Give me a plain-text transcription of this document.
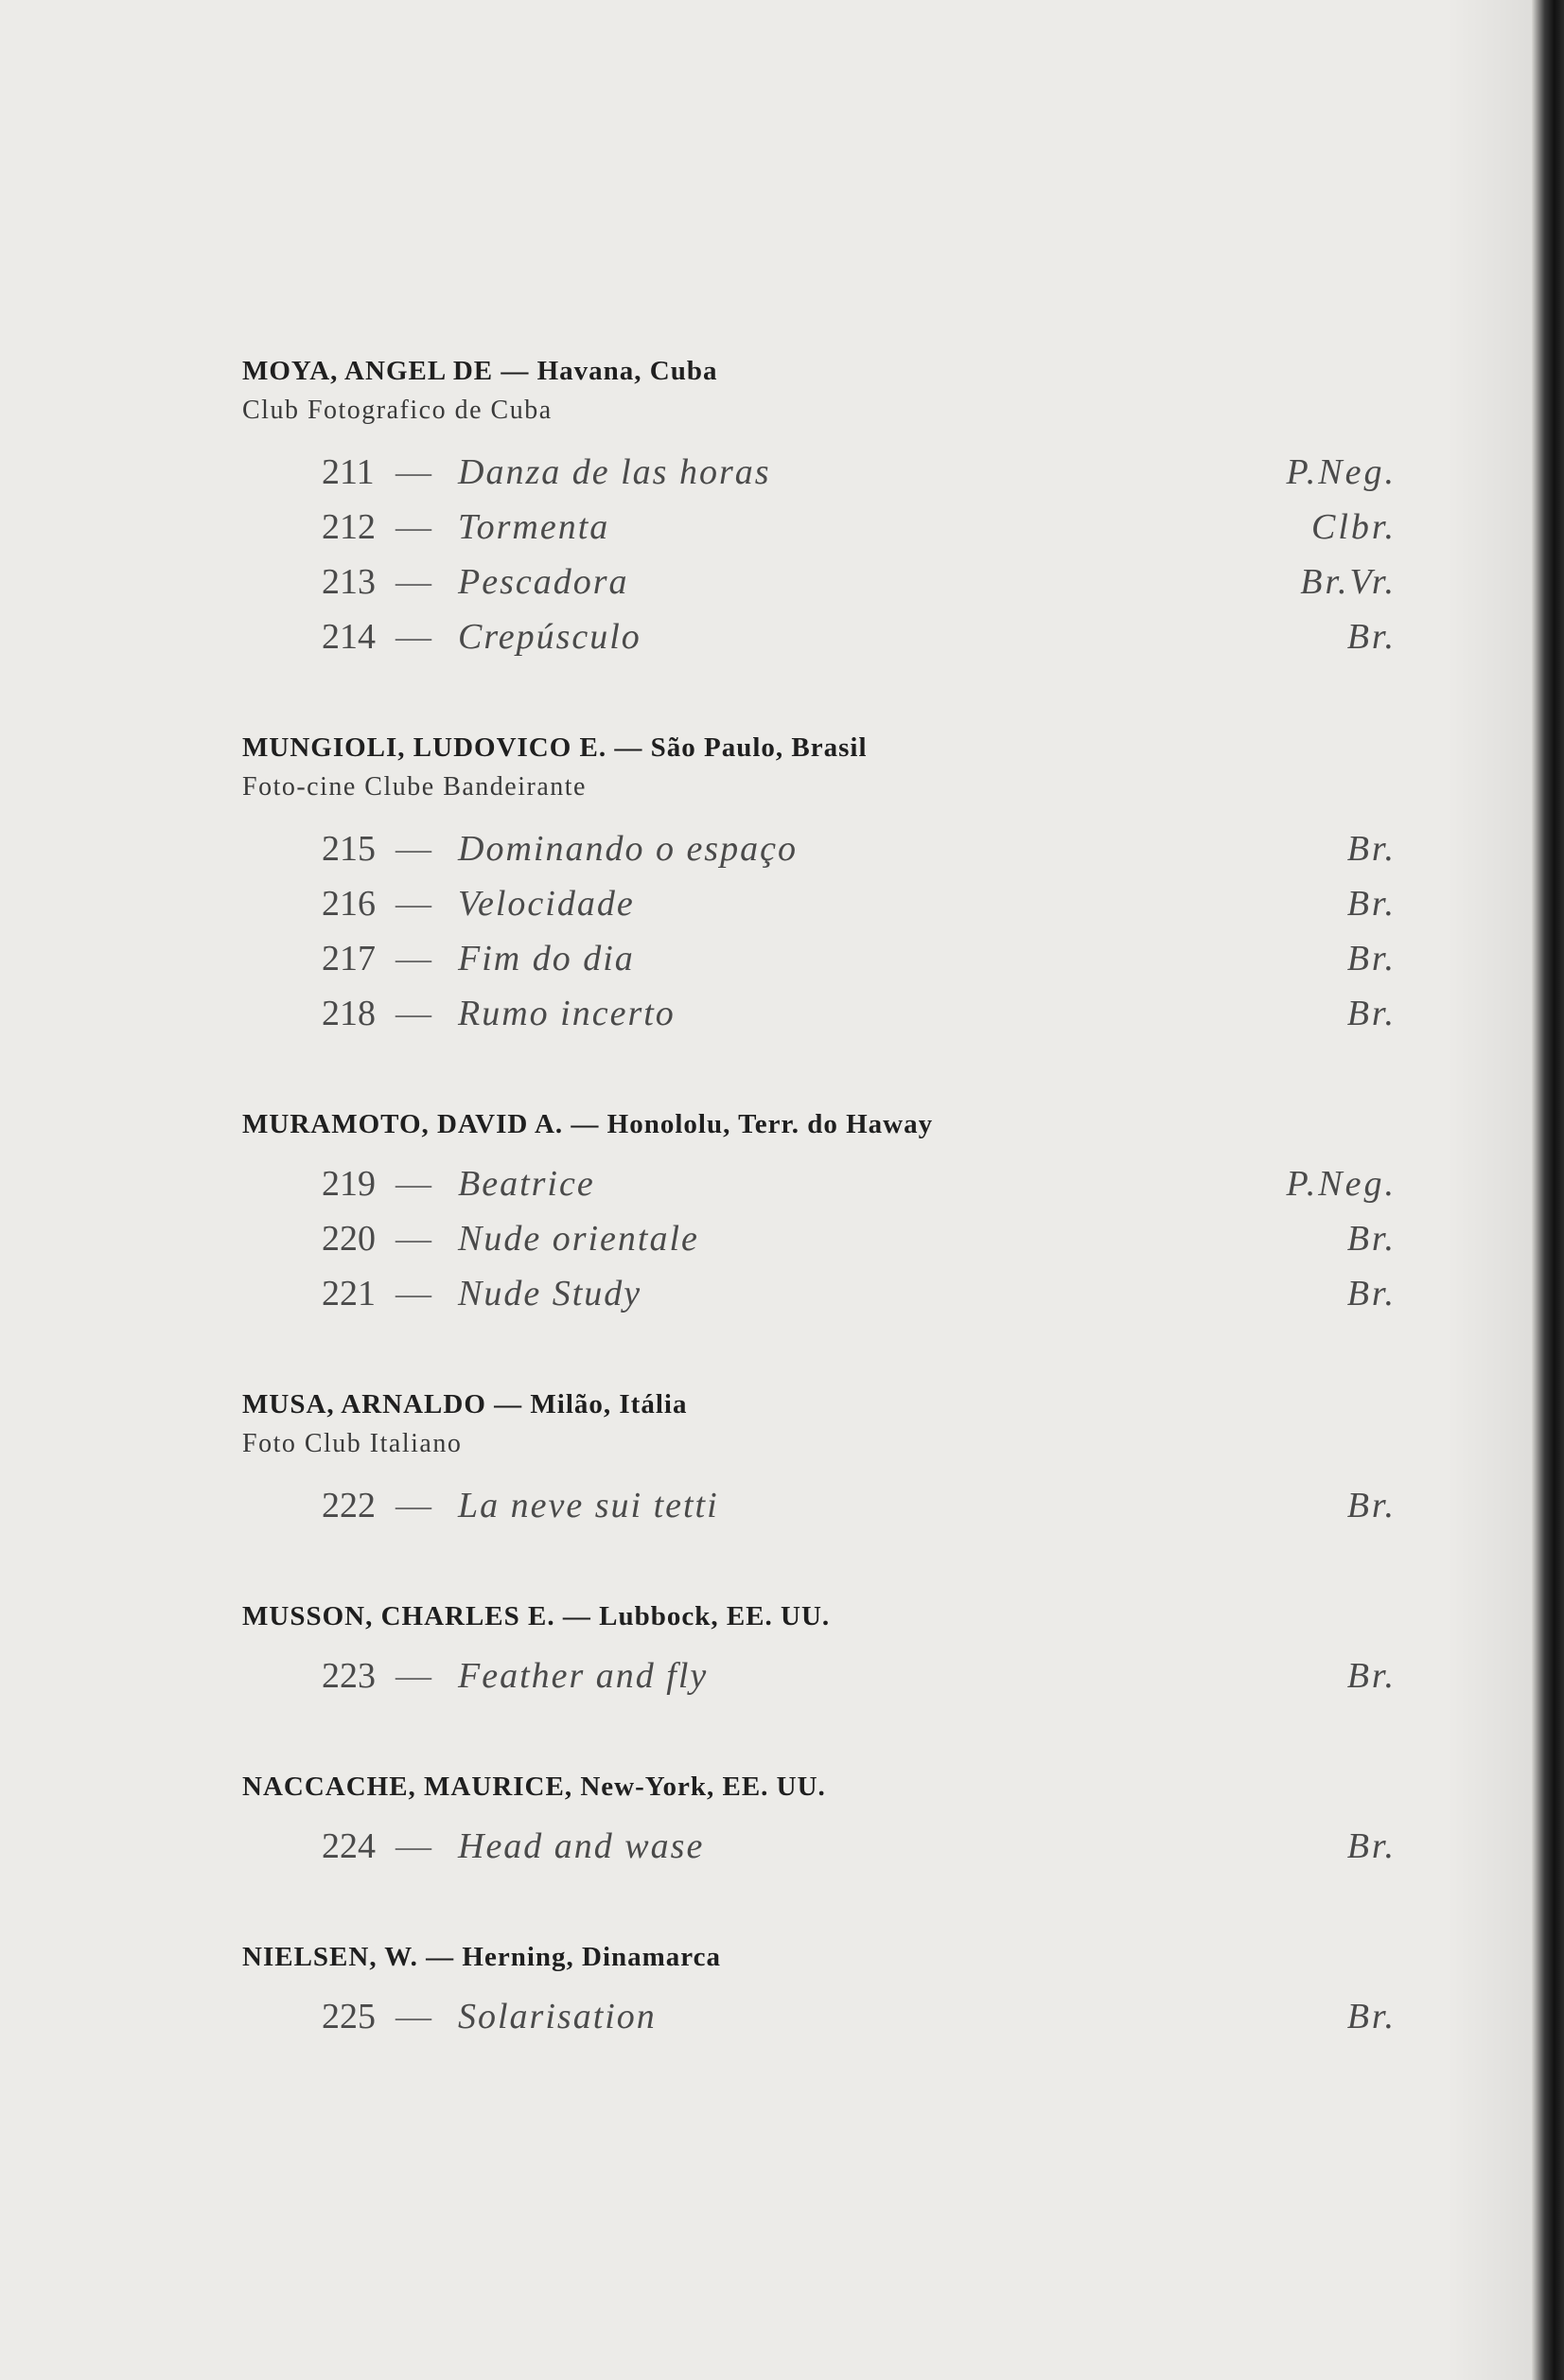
MOYA, ANGEL DE — Havana, Cuba
Club Fotografico de Cuba
211 — Danza de las horas	P.Neg.
212 — Tormenta	Clbr.
213 — Pescadora	Br.Vr.
214 — Crepúsculo	Br.
MUNGIOLI, LUDOVICO E. — São Paulo, Brasil
Foto-cine Clube Bandeirante
215 — Dominando o espaço	Br.
216 — Velocidade	Br.
217 — Fim do dia	Br.
218 — Rumo incerto	Br.
MURAMOTO, DAVID A. — Honololu, Terr. do Haway
219 — Beatrice	P.Neg.
220 — Nude orientale	Br.
221 — Nude Study	Br.
MUSA, ARNALDO — Milão, Itália
Foto Club Italiano
222 — La neve sui tetti	Br.
MUSSON, CHARLES E. — Lubbock, EE. UU.
223 — Feather and fly	Br.
NACCACHE, MAURICE, New-York, EE. UU.
224 — Head and wase	Br.
NIELSEN, W. — Herning, Dinamarca
225 — Solarisation	Br.
